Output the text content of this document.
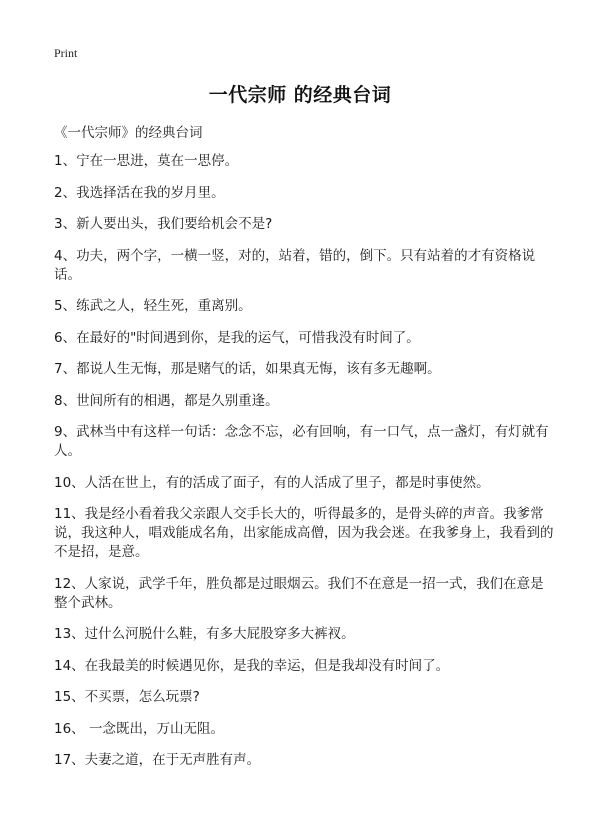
Print
一代宗师 的经典台词
《一代宗师》的经典台词
1、宁在一思进，莫在一思停。
2、我选择活在我的岁月里。
3、新人要出头，我们要给机会不是?
4、功夫，两个字，一横一竖，对的，站着，错的，倒下。只有站着的才有资格说话。
5、练武之人，轻生死，重离别。
6、在最好的"时间遇到你，是我的运气，可惜我没有时间了。
7、都说人生无悔，那是赌气的话，如果真无悔，该有多无趣啊。
8、世间所有的相遇，都是久别重逢。
9、武林当中有这样一句话：念念不忘，必有回响，有一口气，点一盏灯，有灯就有人。
10、人活在世上，有的活成了面子，有的人活成了里子，都是时事使然。
11、我是经小看着我父亲跟人交手长大的，听得最多的，是骨头碎的声音。我爹常说，我这种人，唱戏能成名角，出家能成高僧，因为我会迷。在我爹身上，我看到的不是招，是意。
12、人家说，武学千年，胜负都是过眼烟云。我们不在意是一招一式，我们在意是整个武林。
13、过什么河脱什么鞋，有多大屁股穿多大裤衩。
14、在我最美的时候遇见你，是我的幸运，但是我却没有时间了。
15、不买票，怎么玩票?
16、 一念既出，万山无阻。
17、夫妻之道，在于无声胜有声。
